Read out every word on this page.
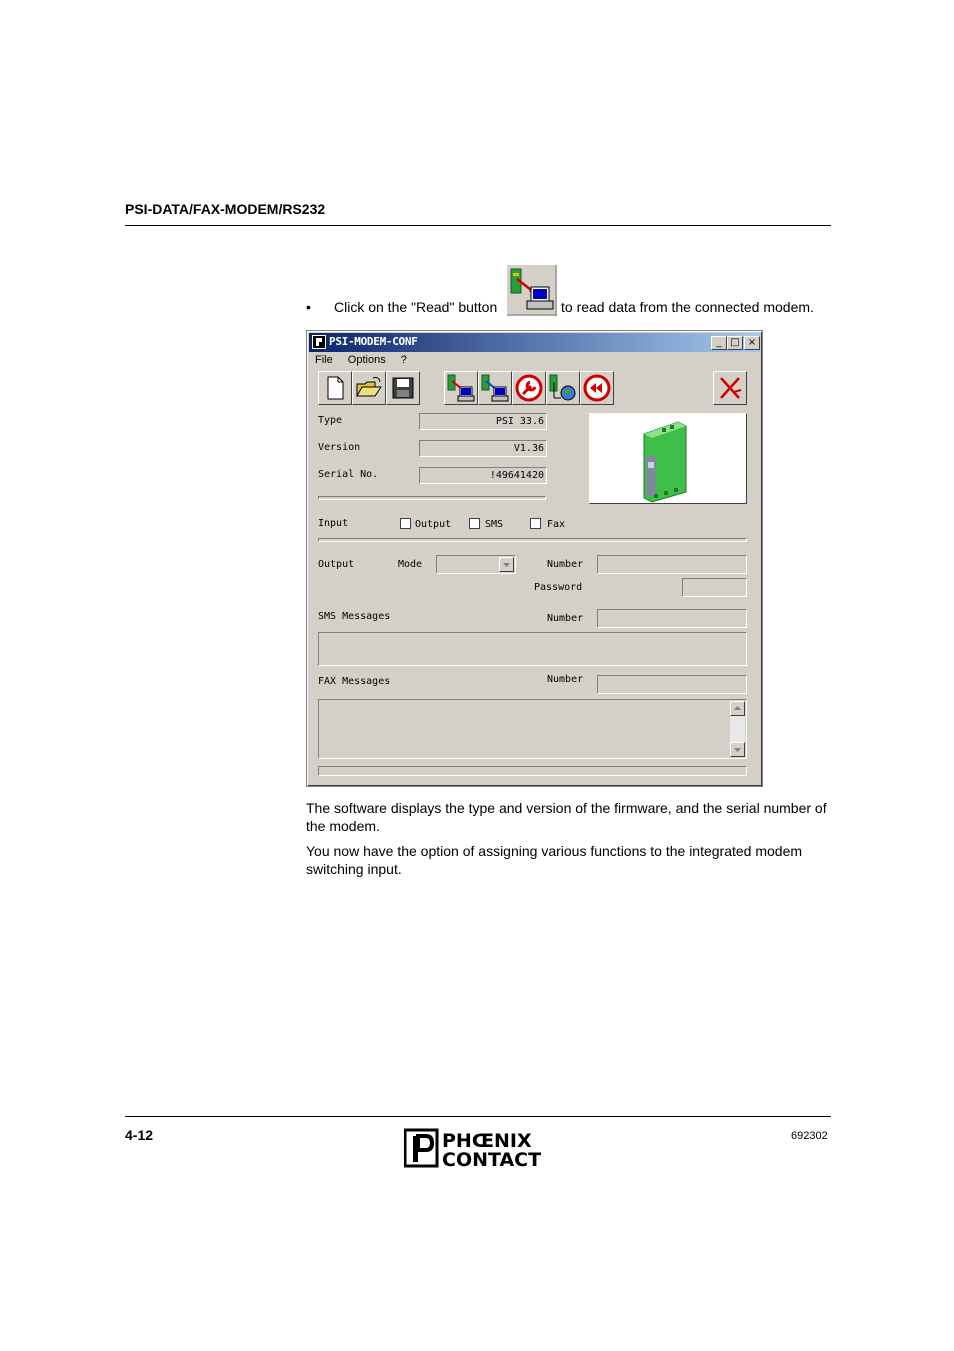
PSI-DATA/FAX-MODEM/RS232
• Click on the "Read" button	to read data from the connected modem.
PSI-MODEM-CONF	_ □ ×
File Options ?
Type	PSI 33.6
Version	V1.36
Serial No.	!49641420
Input	Output	SMS	Fax
Output	Mode	Number
Password
SMS Messages	Number
FAX Messages	Number
The software displays the type and version of the firmware, and the serial number of the modem.
You now have the option of assigning various functions to the integrated modem switching input.
4-12	PHŒNIX
CONTACT
692302
